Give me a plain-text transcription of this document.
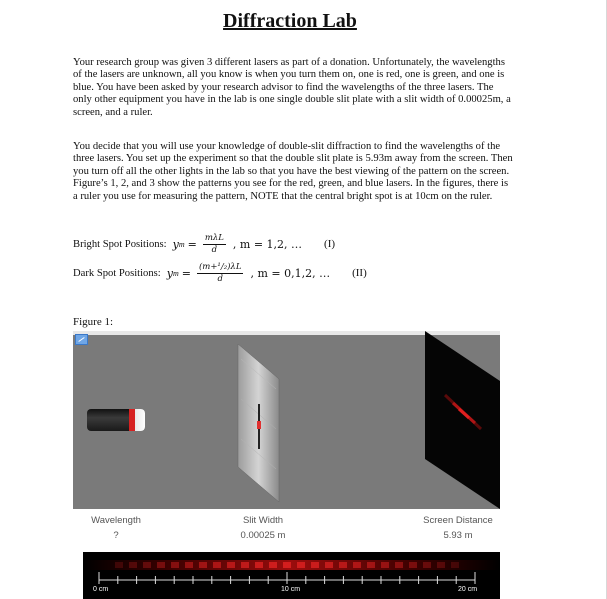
Diffraction Lab

Your research group was given 3 different lasers as part of a donation. Unfortunately, the wavelengths of the lasers are unknown, all you know is when you turn them on, one is red, one is green, and one is blue. You have been asked by your research advisor to find the wavelengths of the three lasers. The only other equipment you have in the lab is one single double slit plate with a slit width of 0.00025m, a screen, and a ruler.

You decide that you will use your knowledge of double-slit diffraction to find the wavelengths of the three lasers. You set up the experiment so that the double slit plate is 5.93m away from the screen. Then you turn off all the other lights in the lab so that you have the best viewing of the pattern on the screen. Figure’s 1, 2, and 3 show the patterns you see for the red, green, and blue lasers. In the figures, there is a ruler you use for measuring the pattern, NOTE that the central bright spot is at 10cm on the ruler.

Bright Spot Positions: y $m = \frac{\text{mλL}}{d}$ , m = 1,2, … (I)
Dark Spot Positions: y $m = \frac{\text{(m+¹/₂)λL}}{d}$ , m = 0,1,2, … (II)
Figure 1:
Wavelength
?
Slit Width
0.00025 m
Screen Distance
5.93 m
0 cm	10 cm	20 cm
